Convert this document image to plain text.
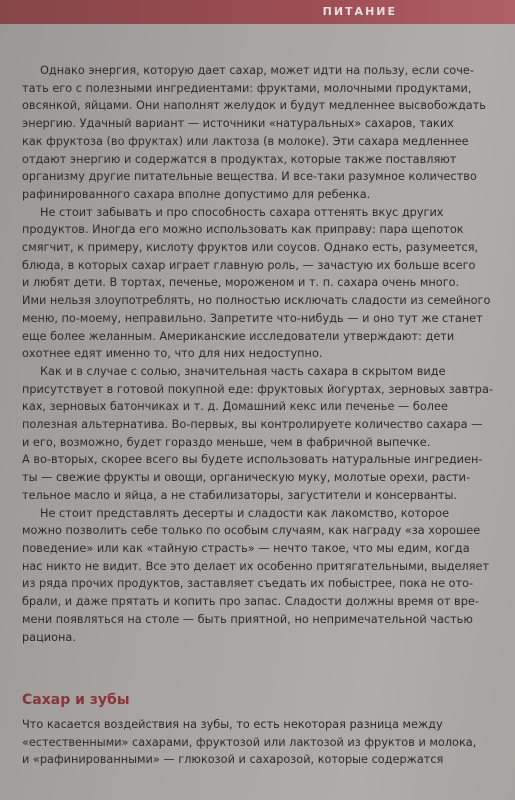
ПИТАНИЕ
Однако энергия, которую дает сахар, может идти на пользу, если соче-
тать его с полезными ингредиентами: фруктами, молочными продуктами,
овсянкой, яйцами. Они наполнят желудок и будут медленнее высвобождать
энергию. Удачный вариант — источники «натуральных» сахаров, таких
как фруктоза (во фруктах) или лактоза (в молоке). Эти сахара медленнее
отдают энергию и содержатся в продуктах, которые также поставляют
организму другие питательные вещества. И все-таки разумное количество
рафинированного сахара вполне допустимо для ребенка.
Не стоит забывать и про способность сахара оттенять вкус других
продуктов. Иногда его можно использовать как приправу: пара щепоток
смягчит, к примеру, кислоту фруктов или соусов. Однако есть, разумеется,
блюда, в которых сахар играет главную роль, — зачастую их больше всего
и любят дети. В тортах, печенье, мороженом и т. п. сахара очень много.
Ими нельзя злоупотреблять, но полностью исключать сладости из семейного
меню, по-моему, неправильно. Запретите что-нибудь — и оно тут же станет
еще более желанным. Американские исследователи утверждают: дети
охотнее едят именно то, что для них недоступно.
Как и в случае с солью, значительная часть сахара в скрытом виде
присутствует в готовой покупной еде: фруктовых йогуртах, зерновых завтра-
ках, зерновых батончиках и т. д. Домашний кекс или печенье — более
полезная альтернатива. Во-первых, вы контролируете количество сахара —
и его, возможно, будет гораздо меньше, чем в фабричной выпечке.
А во-вторых, скорее всего вы будете использовать натуральные ингредиен-
ты — свежие фрукты и овощи, органическую муку, молотые орехи, расти-
тельное масло и яйца, а не стабилизаторы, загустители и консерванты.
Не стоит представлять десерты и сладости как лакомство, которое
можно позволить себе только по особым случаям, как награду «за хорошее
поведение» или как «тайную страсть» — нечто такое, что мы едим, когда
нас никто не видит. Все это делает их особенно притягательными, выделяет
из ряда прочих продуктов, заставляет съедать их побыстрее, пока не ото-
брали, и даже прятать и копить про запас. Сладости должны время от вре-
мени появляться на столе — быть приятной, но непримечательной частью
рациона.
Сахар и зубы
Что касается воздействия на зубы, то есть некоторая разница между
«естественными» сахарами, фруктозой или лактозой из фруктов и молока,
и «рафинированными» — глюкозой и сахарозой, которые содержатся
